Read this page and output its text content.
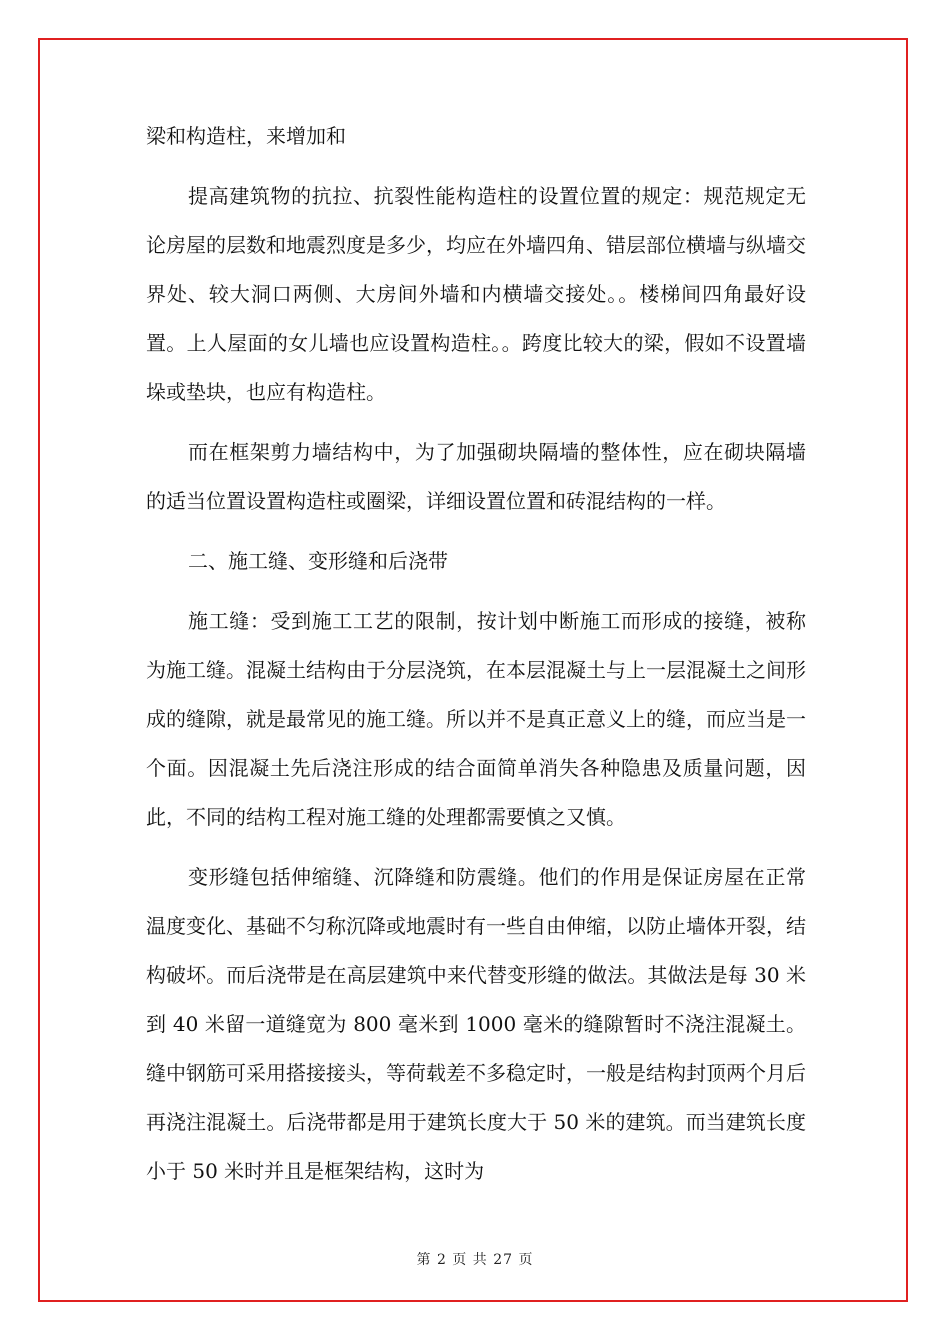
梁和构造柱，来增加和

提高建筑物的抗拉、抗裂性能构造柱的设置位置的规定：规范规定无论房屋的层数和地震烈度是多少，均应在外墙四角、错层部位横墙与纵墙交界处、较大洞口两侧、大房间外墙和内横墙交接处。。楼梯间四角最好设置。上人屋面的女儿墙也应设置构造柱。。跨度比较大的梁，假如不设置墙垛或垫块，也应有构造柱。

而在框架剪力墙结构中，为了加强砌块隔墙的整体性，应在砌块隔墙的适当位置设置构造柱或圈梁，详细设置位置和砖混结构的一样。

二、施工缝、变形缝和后浇带

施工缝：受到施工工艺的限制，按计划中断施工而形成的接缝，被称为施工缝。混凝土结构由于分层浇筑，在本层混凝土与上一层混凝土之间形成的缝隙，就是最常见的施工缝。所以并不是真正意义上的缝，而应当是一个面。因混凝土先后浇注形成的结合面简单消失各种隐患及质量问题，因此，不同的结构工程对施工缝的处理都需要慎之又慎。

变形缝包括伸缩缝、沉降缝和防震缝。他们的作用是保证房屋在正常温度变化、基础不匀称沉降或地震时有一些自由伸缩，以防止墙体开裂，结构破坏。而后浇带是在高层建筑中来代替变形缝的做法。其做法是每 30 米到 40 米留一道缝宽为 800 毫米到 1000 毫米的缝隙暂时不浇注混凝土。缝中钢筋可采用搭接接头，等荷载差不多稳定时，一般是结构封顶两个月后再浇注混凝土。后浇带都是用于建筑长度大于 50 米的建筑。而当建筑长度小于 50 米时并且是框架结构，这时为

第 2 页 共 27 页
